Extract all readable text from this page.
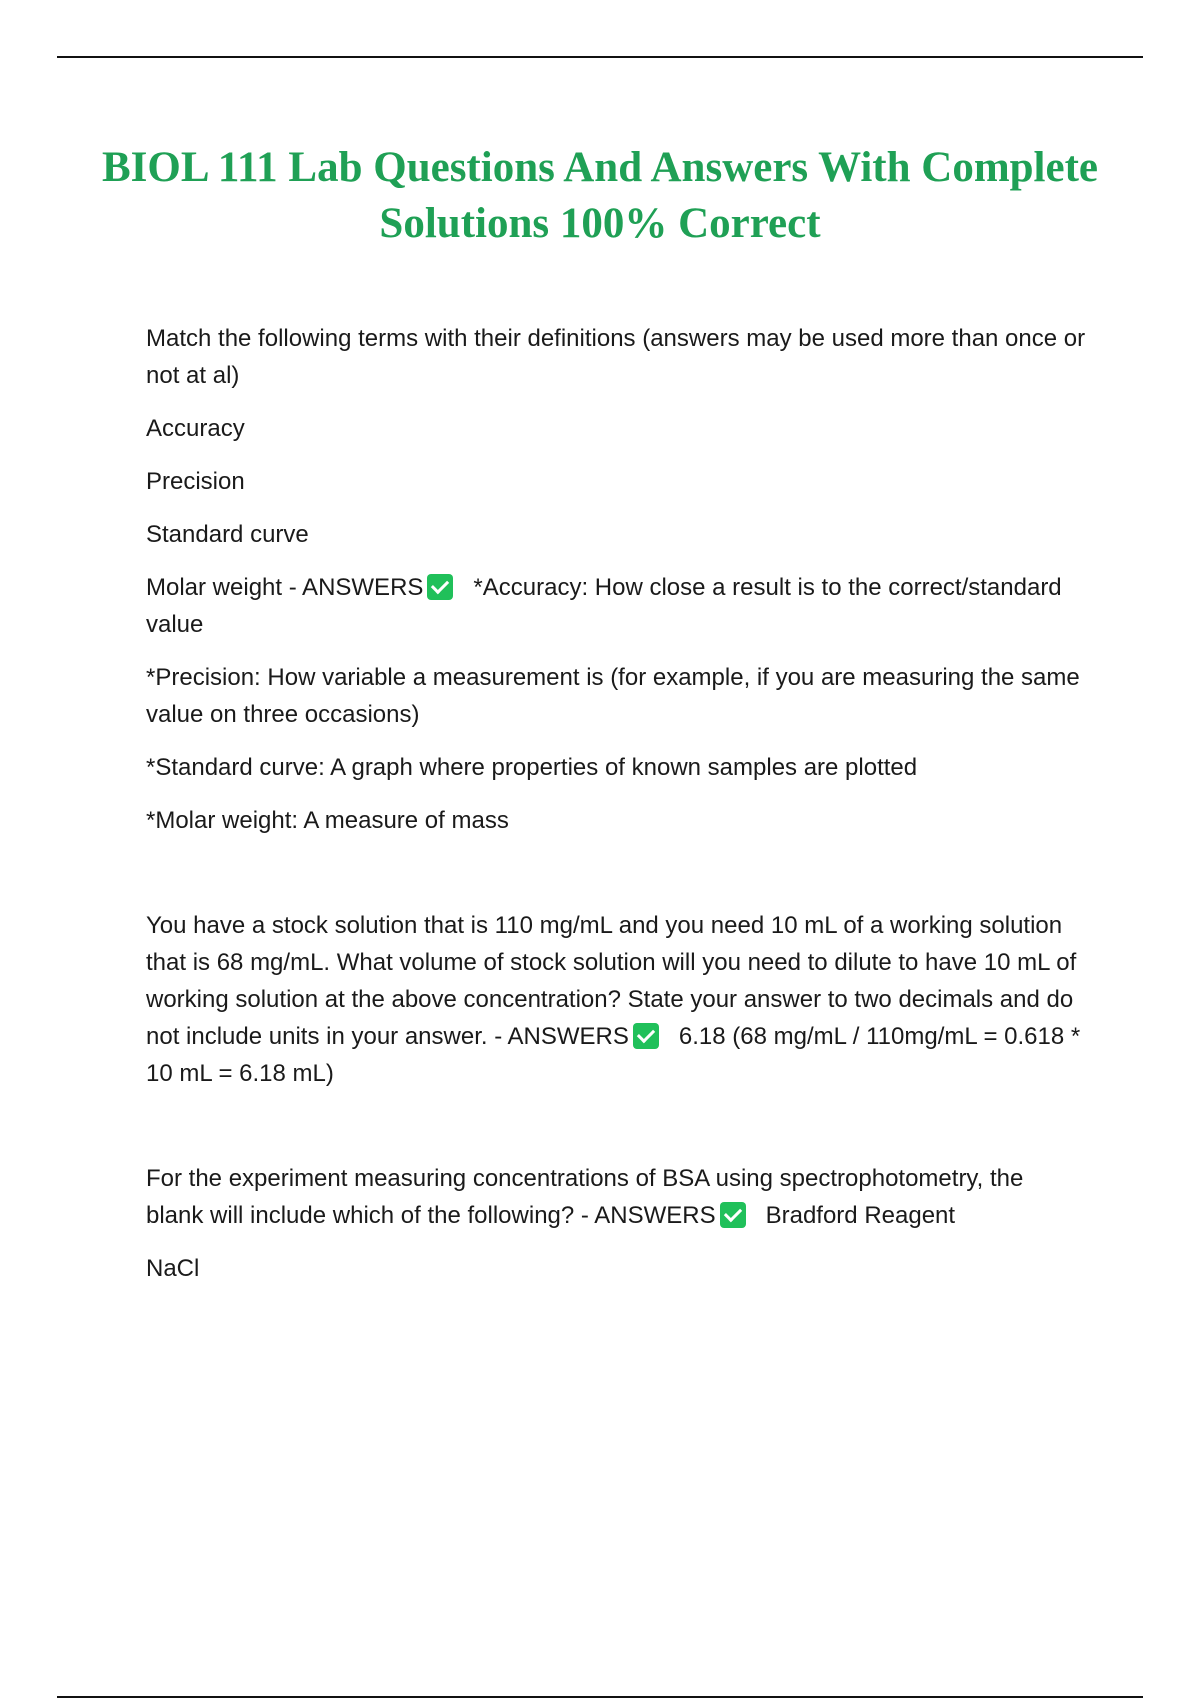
BIOL 111 Lab Questions And Answers With Complete Solutions 100% Correct

Match the following terms with their definitions (answers may be used more than once or not at al)

Accuracy

Precision

Standard curve

Molar weight - ANSWERS *Accuracy: How close a result is to the correct/standard value

*Precision: How variable a measurement is (for example, if you are measuring the same value on three occasions)

*Standard curve: A graph where properties of known samples are plotted

*Molar weight: A measure of mass

You have a stock solution that is 110 mg/mL and you need 10 mL of a working solution that is 68 mg/mL. What volume of stock solution will you need to dilute to have 10 mL of working solution at the above concentration? State your answer to two decimals and do not include units in your answer. - ANSWERS 6.18 (68 mg/mL / 110mg/mL = 0.618 * 10 mL = 6.18 mL)

For the experiment measuring concentrations of BSA using spectrophotometry, the blank will include which of the following? - ANSWERS Bradford Reagent

NaCl
